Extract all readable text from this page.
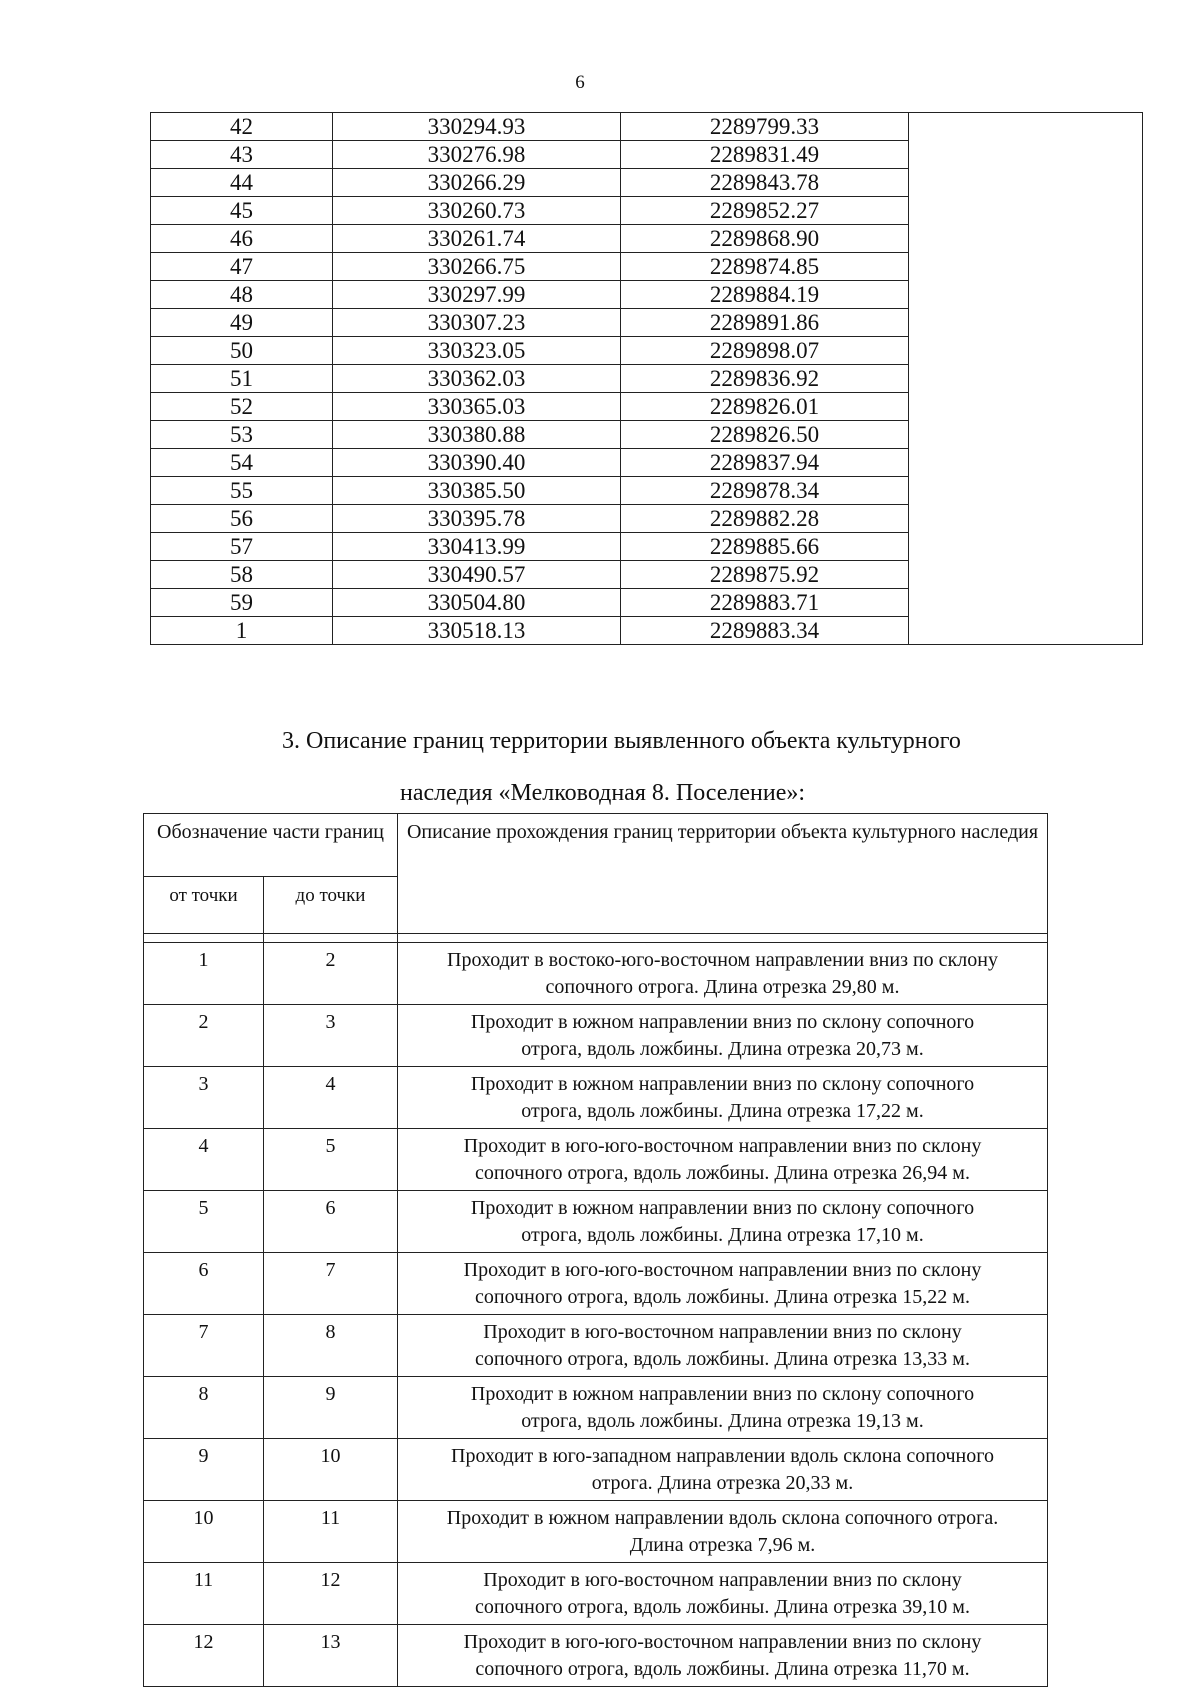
6
42	330294.93	2289799.33	
43	330276.98	2289831.49	
44	330266.29	2289843.78	
45	330260.73	2289852.27	
46	330261.74	2289868.90	
47	330266.75	2289874.85	
48	330297.99	2289884.19	
49	330307.23	2289891.86	
50	330323.05	2289898.07	
51	330362.03	2289836.92	
52	330365.03	2289826.01	
53	330380.88	2289826.50	
54	330390.40	2289837.94	
55	330385.50	2289878.34	
56	330395.78	2289882.28	
57	330413.99	2289885.66	
58	330490.57	2289875.92	
59	330504.80	2289883.71	
1	330518.13	2289883.34	
3. Описание границ территории выявленного объекта культурного
наследия «Мелководная 8. Поселение»:
Обозначение части границ		Описание прохождения границ территории объекта культурного наследия
от точки	до точки	

1	2	Проходит в востоко-юго-восточном направлении вниз по склону
сопочного отрога. Длина отрезка 29,80 м.

2	3	Проходит в южном направлении вниз по склону сопочного
отрога, вдоль ложбины. Длина отрезка 20,73 м.

3	4	Проходит в южном направлении вниз по склону сопочного
отрога, вдоль ложбины. Длина отрезка 17,22 м.

4	5	Проходит в юго-юго-восточном направлении вниз по склону
сопочного отрога, вдоль ложбины. Длина отрезка 26,94 м.

5	6	Проходит в южном направлении вниз по склону сопочного
отрога, вдоль ложбины. Длина отрезка 17,10 м.

6	7	Проходит в юго-юго-восточном направлении вниз по склону
сопочного отрога, вдоль ложбины. Длина отрезка 15,22 м.

7	8	Проходит в юго-восточном направлении вниз по склону
сопочного отрога, вдоль ложбины. Длина отрезка 13,33 м.

8	9	Проходит в южном направлении вниз по склону сопочного
отрога, вдоль ложбины. Длина отрезка 19,13 м.

9	10	Проходит в юго-западном направлении вдоль склона сопочного
отрога. Длина отрезка 20,33 м.

10	11	Проходит в южном направлении вдоль склона сопочного отрога.
Длина отрезка 7,96 м.

11	12	Проходит в юго-восточном направлении вниз по склону
сопочного отрога, вдоль ложбины. Длина отрезка 39,10 м.

12	13	Проходит в юго-юго-восточном направлении вниз по склону
сопочного отрога, вдоль ложбины. Длина отрезка 11,70 м.
